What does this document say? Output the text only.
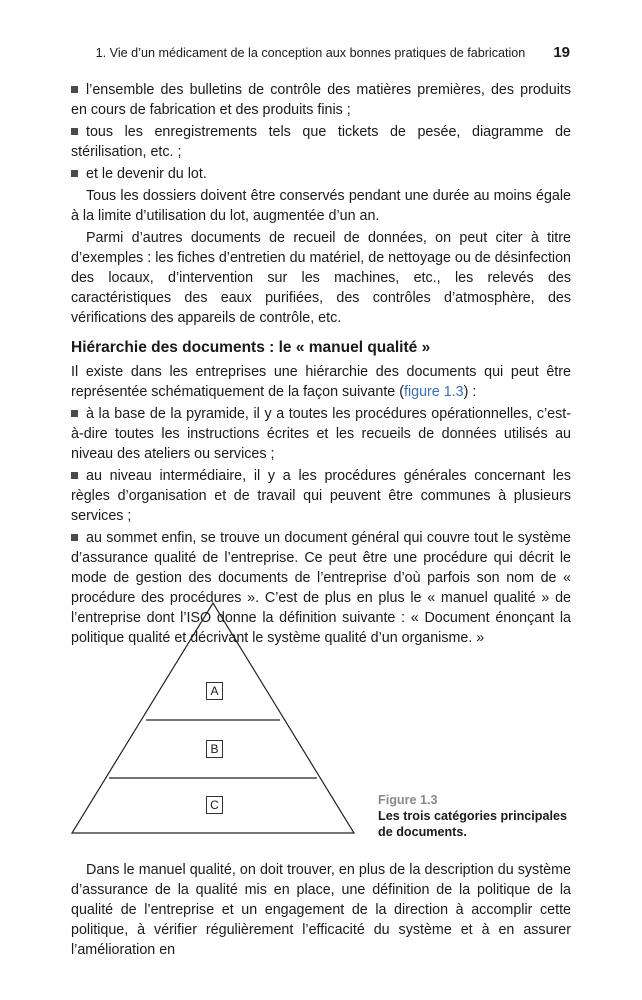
1. Vie d’un médicament de la conception aux bonnes pratiques de fabrication 19

l’ensemble des bulletins de contrôle des matières premières, des produits en cours de fabrication et des produits finis ;

tous les enregistrements tels que tickets de pesée, diagramme de stérilisation, etc. ;

et le devenir du lot.

Tous les dossiers doivent être conservés pendant une durée au moins égale à la limite d’utilisation du lot, augmentée d’un an.

Parmi d’autres documents de recueil de données, on peut citer à titre d’exemples : les fiches d’entretien du matériel, de nettoyage ou de désinfection des locaux, d’intervention sur les machines, etc., les relevés des caractéristiques des eaux purifiées, des contrôles d’atmosphère, des vérifications des appareils de contrôle, etc.

Hiérarchie des documents : le « manuel qualité »

Il existe dans les entreprises une hiérarchie des documents qui peut être représentée schématiquement de la façon suivante (figure 1.3) :

à la base de la pyramide, il y a toutes les procédures opérationnelles, c’est-à-dire toutes les instructions écrites et les recueils de données utilisés au niveau des ateliers ou services ;

au niveau intermédiaire, il y a les procédures générales concernant les règles d’organisation et de travail qui peuvent être communes à plusieurs services ;

au sommet enfin, se trouve un document général qui couvre tout le système d’assurance qualité de l’entreprise. Ce peut être une procédure qui décrit le mode de gestion des documents de l’entreprise d’où parfois son nom de « procédure des procédures ». C’est de plus en plus le « manuel qualité » de l’entreprise dont l’ISO donne la définition suivante : « Document énonçant la politique qualité et décrivant le système qualité d’un organisme. »

A
B
C	Figure 1.3
Les trois catégories principales de documents.

Dans le manuel qualité, on doit trouver, en plus de la description du système d’assurance de la qualité mis en place, une définition de la politique de la qualité de l’entreprise et un engagement de la direction à accomplir cette politique, à vérifier régulièrement l’efficacité du système et à en assurer l’amélioration en
